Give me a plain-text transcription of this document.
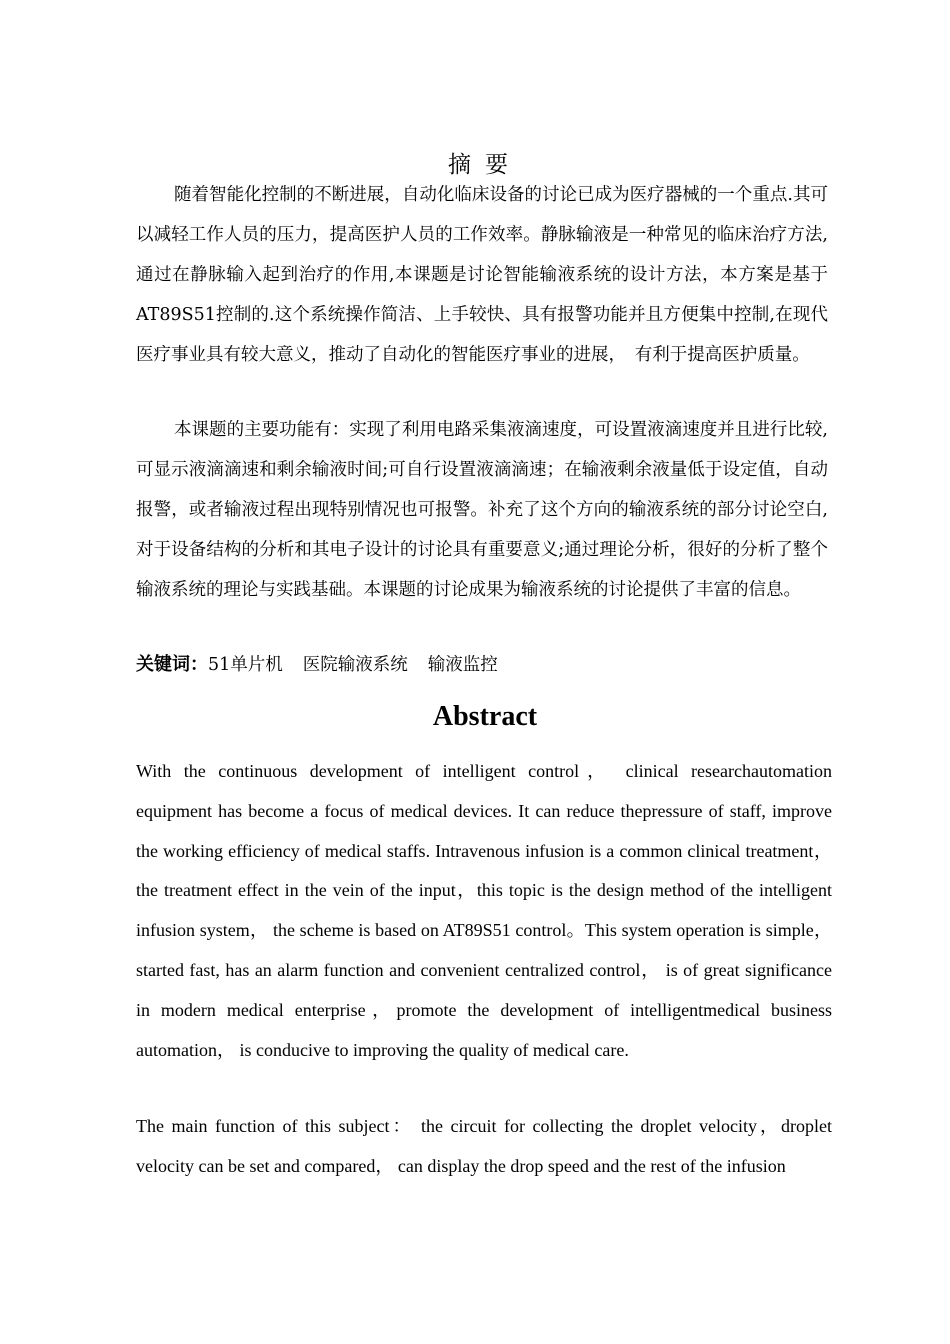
摘要

随着智能化控制的不断进展，自动化临床设备的讨论已成为医疗器械的一个重点.其可以减轻工作人员的压力，提高医护人员的工作效率。静脉输液是一种常见的临床治疗方法,通过在静脉输入起到治疗的作用,本课题是讨论智能输液系统的设计方法，本方案是基于AT89S51控制的.这个系统操作简洁、上手较快、具有报警功能并且方便集中控制,在现代医疗事业具有较大意义，推动了自动化的智能医疗事业的进展，　有利于提高医护质量。

本课题的主要功能有：实现了利用电路采集液滴速度，可设置液滴速度并且进行比较,可显示液滴滴速和剩余输液时间;可自行设置液滴滴速；在输液剩余液量低于设定值，自动报警，或者输液过程出现特别情况也可报警。补充了这个方向的输液系统的部分讨论空白,对于设备结构的分析和其电子设计的讨论具有重要意义;通过理论分析，很好的分析了整个输液系统的理论与实践基础。本课题的讨论成果为输液系统的讨论提供了丰富的信息。

关键词：51单片机 医院输液系统 输液监控
Abstract

With the continuous development of intelligent control， clinical researchautomation equipment has become a focus of medical devices. It can reduce thepressure of staff, improve the working efficiency of medical staffs. Intravenous infusion is a common clinical treatment，the treatment effect in the vein of the input，this topic is the design method of the intelligent infusion system， the scheme is based on AT89S51 control。This system operation is simple， started fast, has an alarm function and convenient centralized control， is of great significance in modern medical enterprise，promote the development of intelligentmedical business automation， is conducive to improving the quality of medical care.

The main function of this subject： the circuit for collecting the droplet velocity，droplet velocity can be set and compared， can display the drop speed and the rest of the infusion
